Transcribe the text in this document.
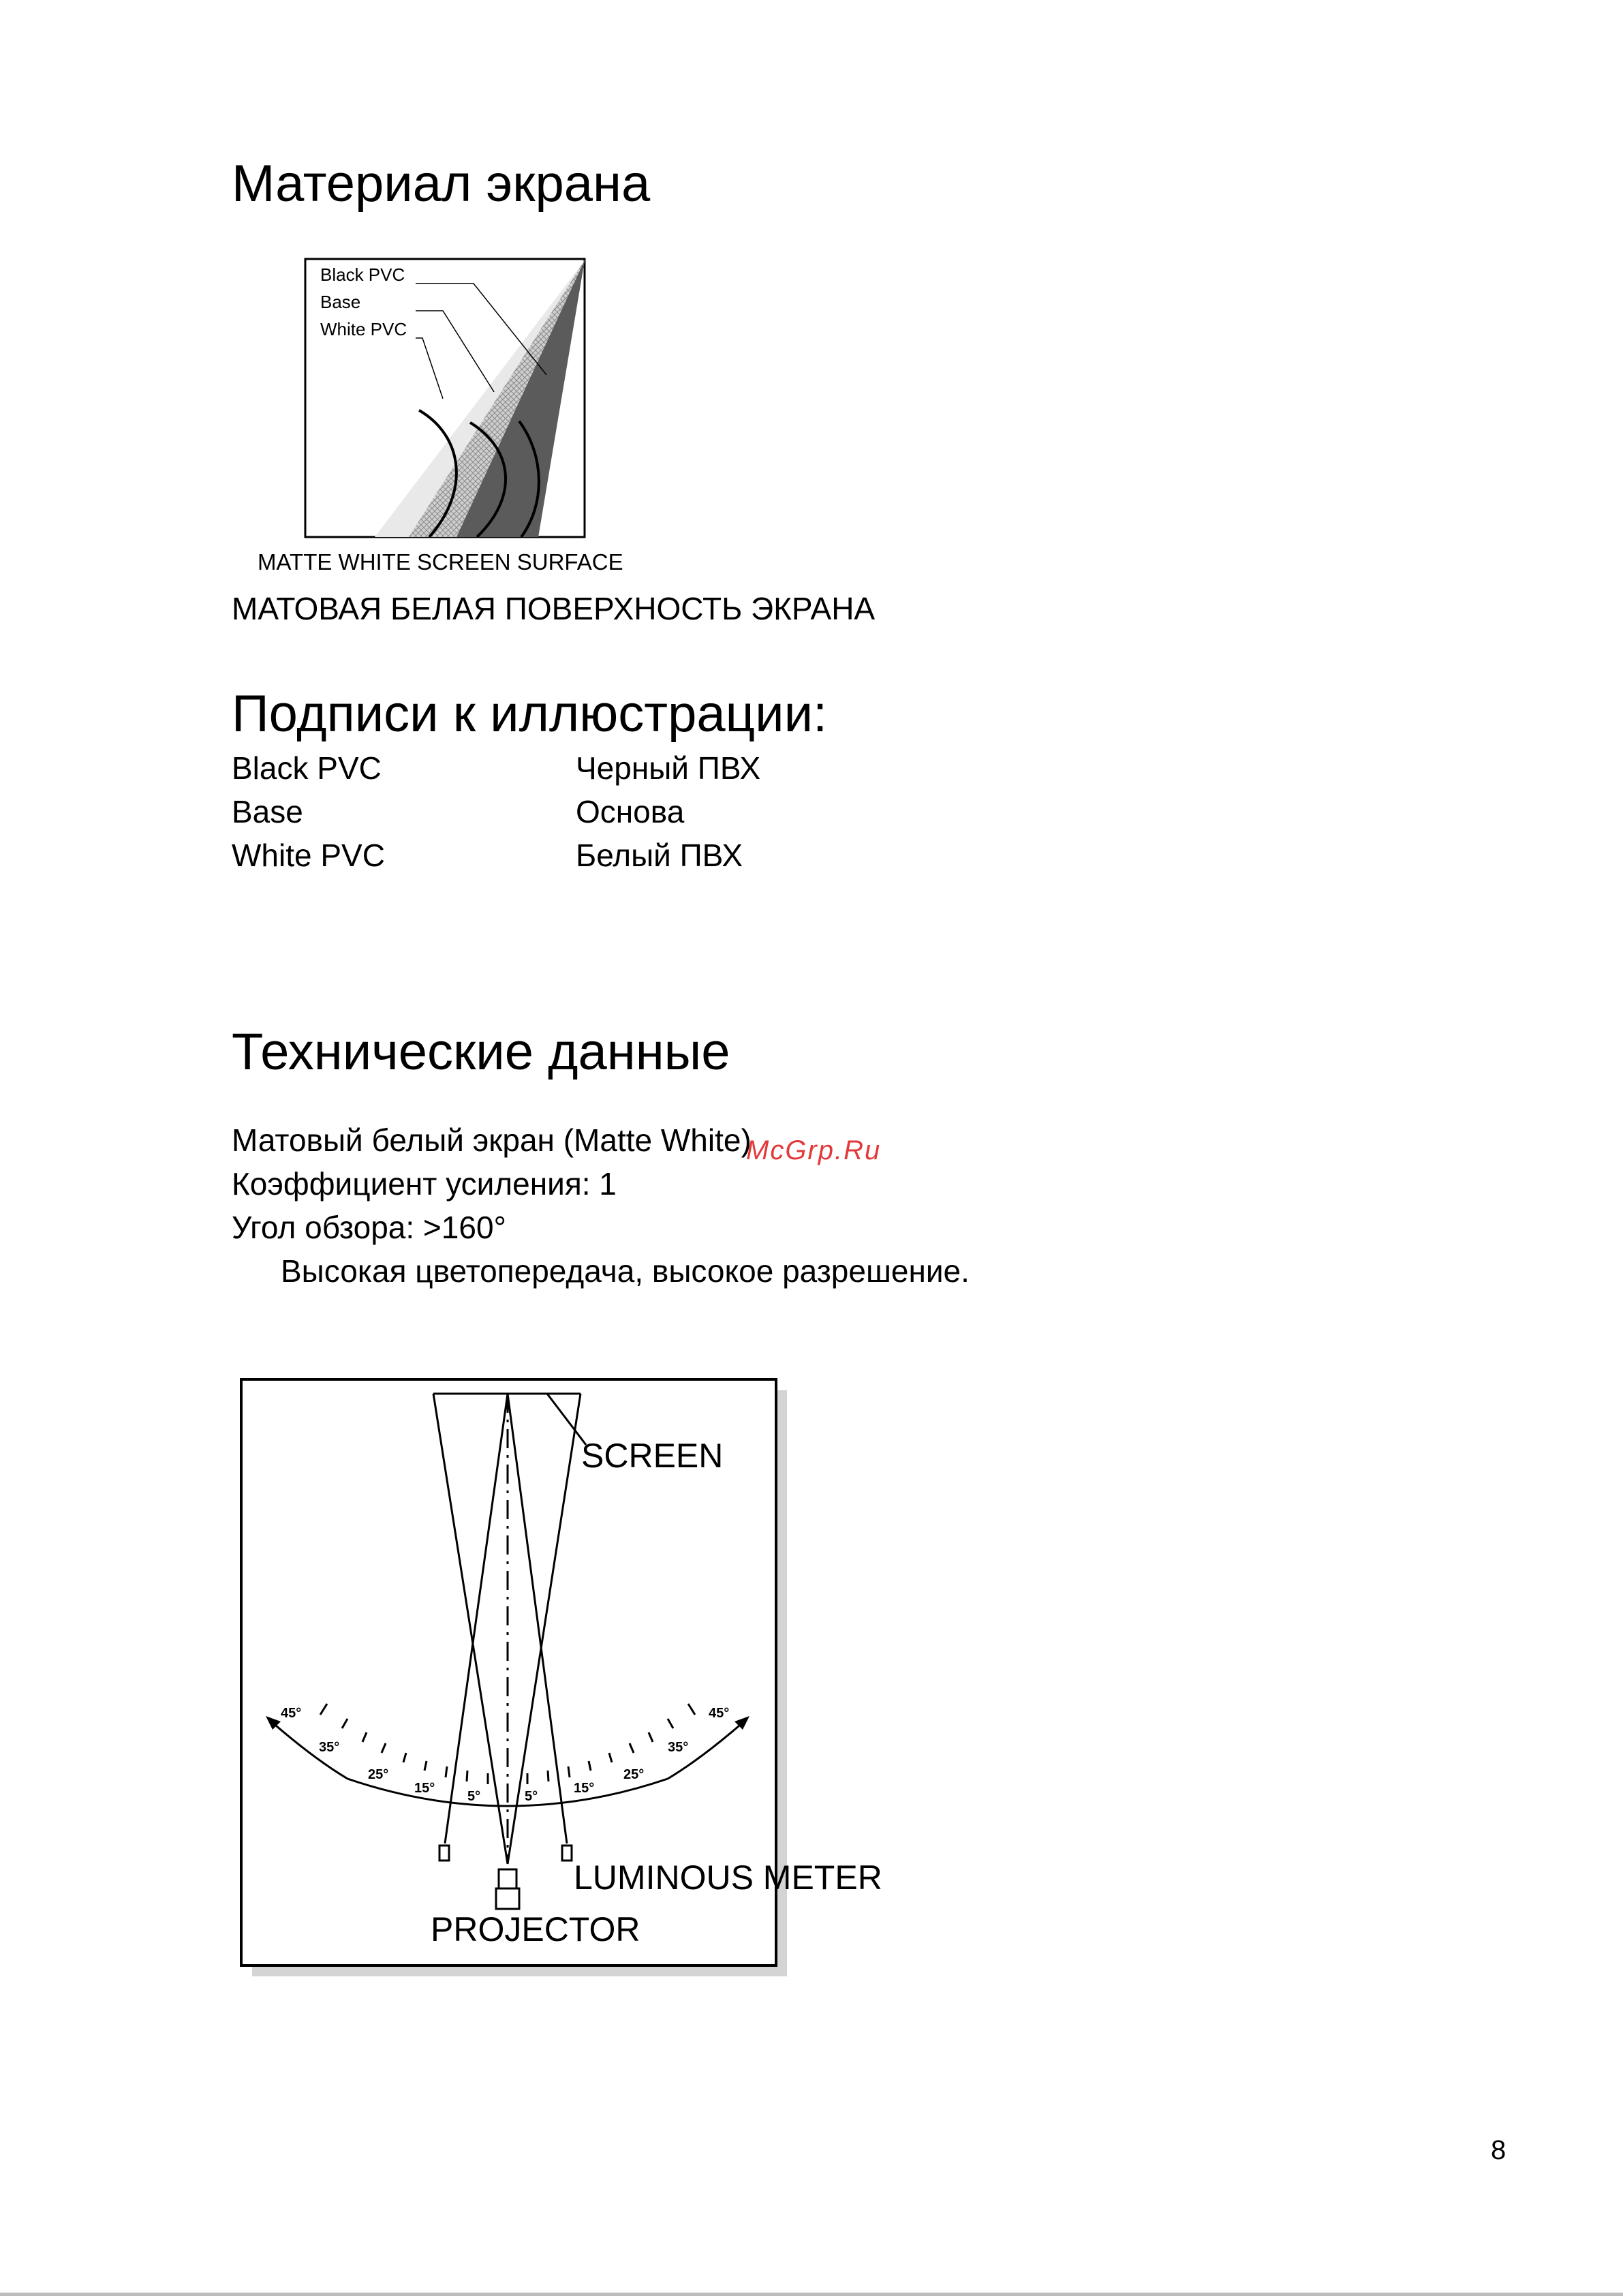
Материал экрана
Black PVC
Base
White PVC
MATTE WHITE SCREEN SURFACE
МАТОВАЯ БЕЛАЯ ПОВЕРХНОСТЬ ЭКРАНА
Подписи к иллюстрации:
Black PVC	Черный ПВХ
Base	Основа
White PVC	Белый ПВХ
Технические данные
Матовый белый экран (Matte White)
McGrp.Ru
Коэффициент усиления: 1
Угол обзора: >160°
Высокая цветопередача, высокое разрешение.
45°
35°
25°
15°
5°	5°
15°
25°
35°
45°
SCREEN
LUMINOUS METER
PROJECTOR
8
